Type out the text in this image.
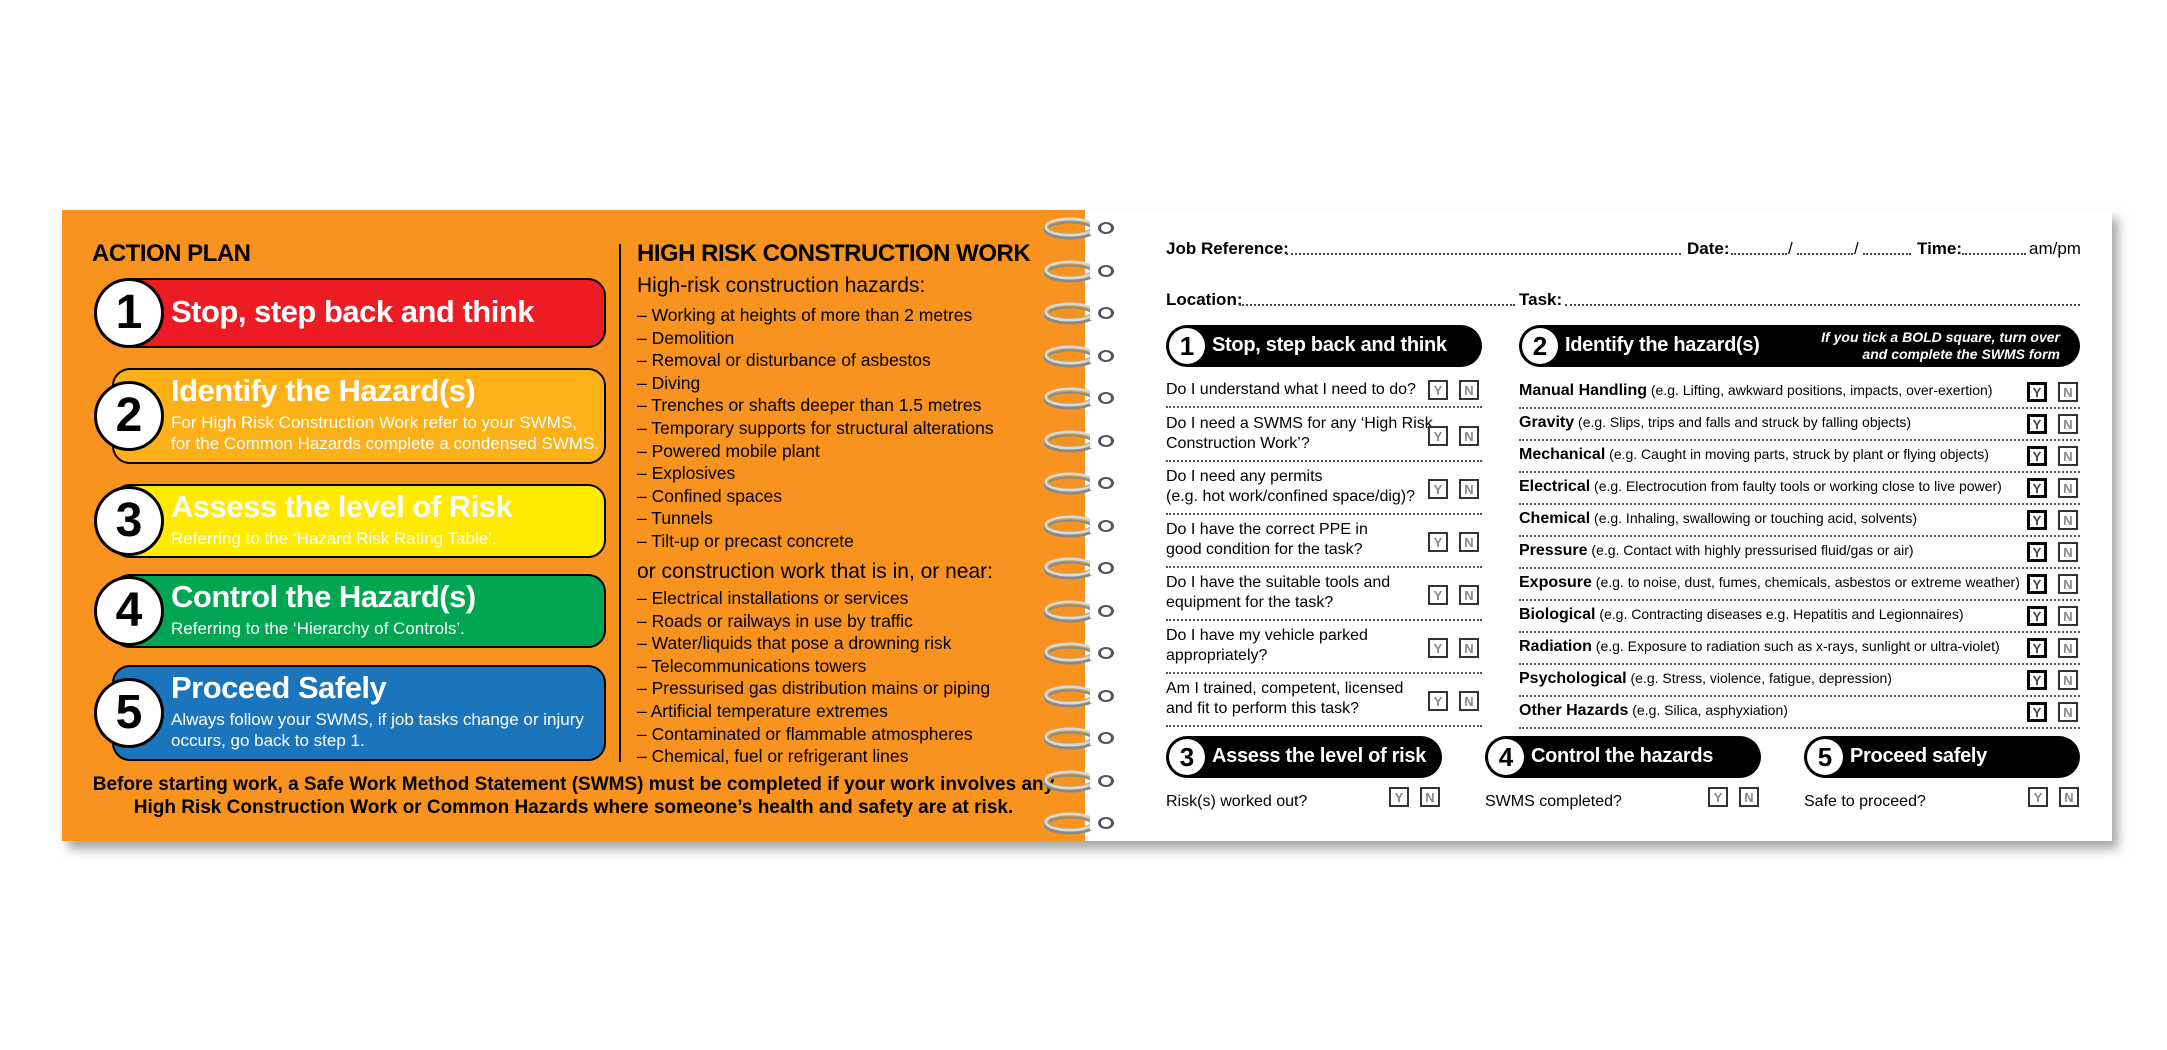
ACTION PLAN
1 Stop, step back and think
2 Identify the Hazard(s)
For High Risk Construction Work refer to your SWMS,
for the Common Hazards complete a condensed SWMS.
3 Assess the level of Risk
Referring to the ‘Hazard Risk Rating Table’.
4 Control the Hazard(s)
Referring to the ‘Hierarchy of Controls’.
5 Proceed Safely
Always follow your SWMS, if job tasks change or injury
occurs, go back to step 1.
HIGH RISK CONSTRUCTION WORK
High-risk construction hazards:
– Working at heights of more than 2 metres
– Demolition
– Removal or disturbance of asbestos
– Diving
– Trenches or shafts deeper than 1.5 metres
– Temporary supports for structural alterations
– Powered mobile plant
– Explosives
– Confined spaces
– Tunnels
– Tilt-up or precast concrete
or construction work that is in, or near:
– Electrical installations or services
– Roads or railways in use by traffic
– Water/liquids that pose a drowning risk
– Telecommunications towers
– Pressurised gas distribution mains or piping
– Artificial temperature extremes
– Contaminated or flammable atmospheres
– Chemical, fuel or refrigerant lines
Before starting work, a Safe Work Method Statement (SWMS) must be completed if your work involves any
High Risk Construction Work or Common Hazards where someone’s health and safety are at risk.
Job Reference:	Date:	/	/	Time:	am/pm
Location:	Task:
1 Stop, step back and think
Do I understand what I need to do?	Y	N
Do I need a SWMS for any ‘High Risk
Construction Work’?	Y	N
Do I need any permits
(e.g. hot work/confined space/dig)?	Y	N
Do I have the correct PPE in
good condition for the task?	Y	N
Do I have the suitable tools and
equipment for the task?	Y	N
Do I have my vehicle parked
appropriately?	Y	N
Am I trained, competent, licensed
and fit to perform this task?	Y	N
2 Identify the hazard(s)	If you tick a BOLD square, turn over
and complete the SWMS form
Manual Handling (e.g. Lifting, awkward positions, impacts, over-exertion)	Y	N
Gravity (e.g. Slips, trips and falls and struck by falling objects)	Y	N
Mechanical (e.g. Caught in moving parts, struck by plant or flying objects)	Y	N
Electrical (e.g. Electrocution from faulty tools or working close to live power)	Y	N
Chemical (e.g. Inhaling, swallowing or touching acid, solvents)	Y	N
Pressure (e.g. Contact with highly pressurised fluid/gas or air)	Y	N
Exposure (e.g. to noise, dust, fumes, chemicals, asbestos or extreme weather) Y	N
Biological (e.g. Contracting diseases e.g. Hepatitis and Legionnaires)	Y	N
Radiation (e.g. Exposure to radiation such as x-rays, sunlight or ultra-violet)	Y	N
Psychological (e.g. Stress, violence, fatigue, depression)	Y	N
Other Hazards (e.g. Silica, asphyxiation)	Y	N
3 Assess the level of risk
Risk(s) worked out?	Y	N
4 Control the hazards
SWMS completed?	Y	N
5 Proceed safely
Safe to proceed?	Y	N
